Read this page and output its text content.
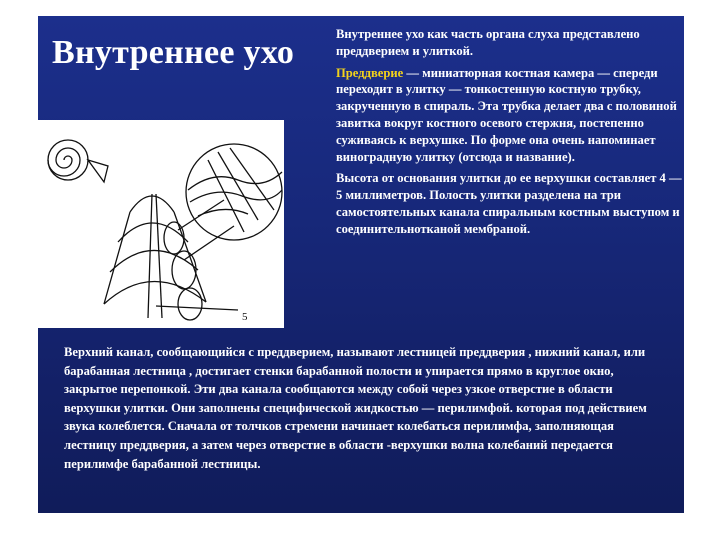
Внутреннее ухо	Внутреннее ухо как часть органа слуха представлено преддверием и улиткой.

Преддверие — миниатюрная костная камера — спереди переходит в улитку — тонкостенную костную трубку, закрученную в спираль. Эта трубка делает два с половиной завитка вокруг костного осевого стержня, постепенно суживаясь к верхушке. По форме она очень напоминает виноградную улитку (отсюда и название).

Высота от основания улитки до ее верхушки составляет 4 — 5 миллиметров. Полость улитки разделена на три самостоятельных канала спиральным костным выступом и соединительнотканой мембраной.

5

Верхний канал, сообщающийся с преддверием, называют лестницей преддверия , нижний канал, или барабанная лестница , достигает стенки барабанной полости и упирается прямо в круглое окно, закрытое перепонкой. Эти два канала сообщаются между собой через узкое отверстие в области верхушки улитки. Они заполнены специфической жидкостью — перилимфой. которая под действием звука колеблется. Сначала от толчков стремени начинает колебаться перилимфа, заполняющая лестницу преддверия, а затем через отверстие в области -верхушки волна колебаний передается перилимфе барабанной лестницы.
